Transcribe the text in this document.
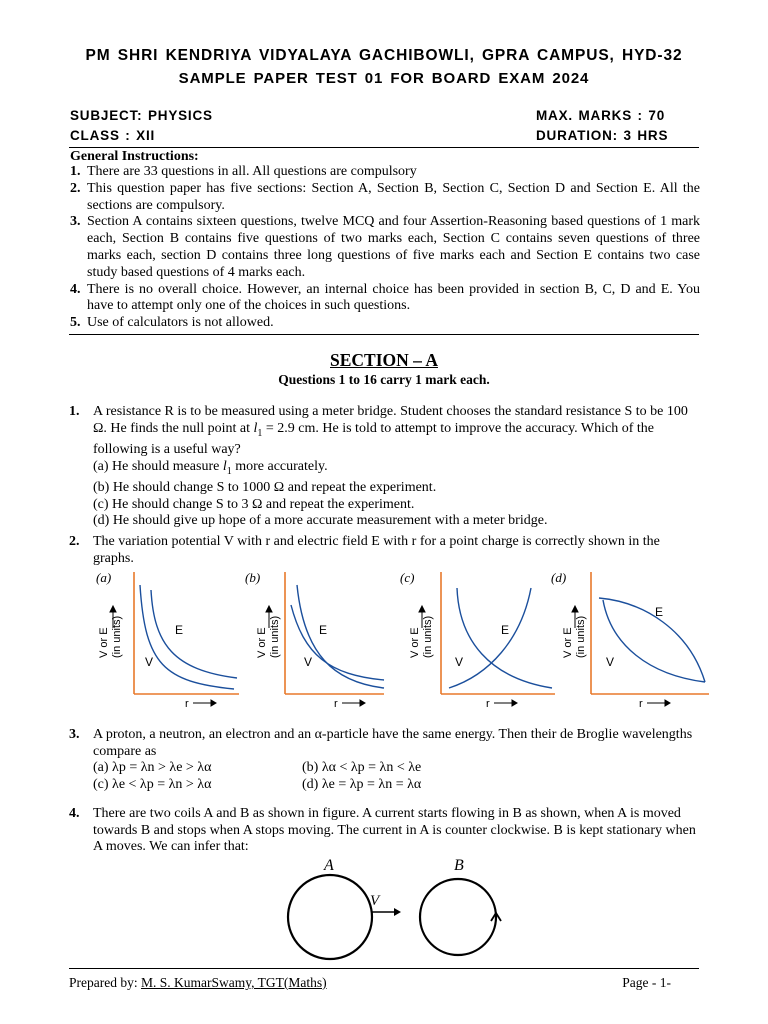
PM SHRI KENDRIYA VIDYALAYA GACHIBOWLI, GPRA CAMPUS, HYD-32
SAMPLE PAPER TEST 01 FOR BOARD EXAM 2024
SUBJECT: PHYSICS	MAX. MARKS : 70
CLASS : XII	DURATION: 3 HRS
General Instructions:
1. There are 33 questions in all. All questions are compulsory
2. This question paper has five sections: Section A, Section B, Section C, Section D and Section E. All the sections are compulsory.
3. Section A contains sixteen questions, twelve MCQ and four Assertion-Reasoning based questions of 1 mark each, Section B contains five questions of two marks each, Section C contains seven questions of three marks each, section D contains three long questions of five marks each and Section E contains two case study based questions of 4 marks each.
4. There is no overall choice. However, an internal choice has been provided in section B, C, D and E. You have to attempt only one of the choices in such questions.
5. Use of calculators is not allowed.
SECTION – A
Questions 1 to 16 carry 1 mark each.
1. A resistance R is to be measured using a meter bridge. Student chooses the standard resistance S to be 100 Ω. He finds the null point at $l_1 = 2.9$ cm. He is told to attempt to improve the accuracy. Which of the following is a useful way?
(a) He should measure $l_1$ more accurately.
(b) He should change S to 1000 Ω and repeat the experiment.
(c) He should change S to 3 Ω and repeat the experiment.
(d) He should give up hope of a more accurate measurement with a meter bridge.
2. The variation potential V with r and electric field E with r for a point charge is correctly shown in the graphs.
(a)
E
V
(b)
E
V
(c)
E
V
(d)
E
V
V or E (in units)	V or E (in units)	V or E (in units)	V or E (in units)
r	r	r	r
3. A proton, a neutron, an electron and an α-particle have the same energy. Then their de Broglie wavelengths compare as
(a) λp = λn > λe > λα	(b) λα < λp = λn < λe
(c) λe < λp = λn > λα	(d) λe = λp = λn = λα
4. There are two coils A and B as shown in figure. A current starts flowing in B as shown, when A is moved towards B and stops when A stops moving. The current in A is counter clockwise. B is kept stationary when A moves. We can infer that:
A	B
V
Prepared by: M. S. KumarSwamy, TGT(Maths)	Page - 1-
